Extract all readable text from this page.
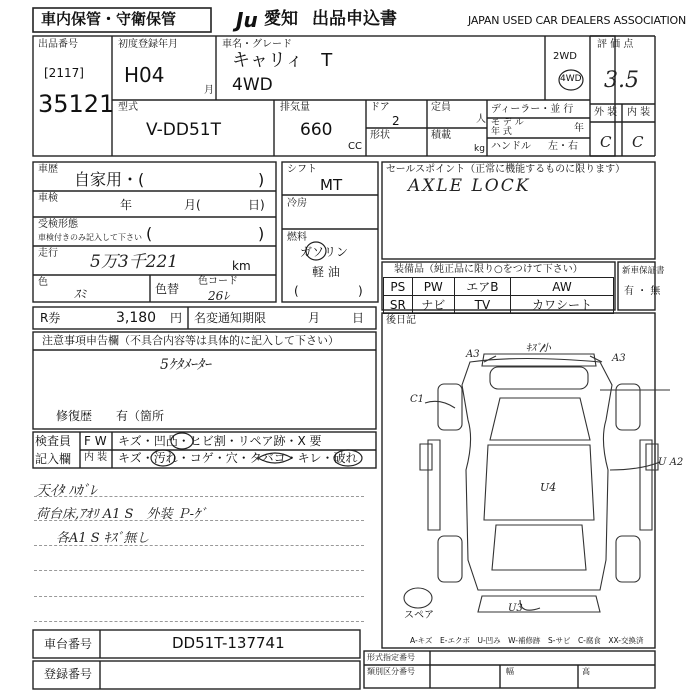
車内保管・守衛保管	Ju 愛知 出品申込書	JAPAN USED CAR DEALERS ASSOCIATION
出品番号
[2117]
35121
初度登録年月
H04
月
車名・グレード
キャリィ　T
4WD
2WD
4WD
評 価 点
3.5
外 装 内 装
C C
型式
V-DD51T
排気量
660
CC
ドア
2
形状
定員
人
積載
kg
ディーラー・並 行
モ デ ル
年 式	年
ハンドル 左・右
車歴
自家用・(	)
車検	年	月(	日)
受検形態
車検付きのみ記入して下さい (	)
走行 5万3千221	km
色
ｽﾐ	色替
色コード
26ﾚ
シフト
MT
冷房
燃料
ガソリン
軽 油
(	)
セールスポイント（正常に機能するものに限ります）
AXLE LOCK
装備品（純正品に限り○をつけて下さい）
PS	PW	エアB	AW
SR	ナビ	TV	カワシート
新車保証書
有 ・ 無
R券	3,180 円 名変通知期限	月	日
注意事項申告欄（不具合内容等は具体的に記入して下さい）
5ｹﾀﾒｰﾀｰ
修復歴 有（箇所
検査員
記入欄
F W キズ・凹凸・ヒビ割・リペア跡・X 要
内 装 キズ・汚れ・コゲ・穴・タバコ・キレ・破れ
天ｲﾀ ﾊｶﾞﾚ
荷台床,ｱｵﾘ A1 S　外装 Ｐ-ｹﾞ
各A1 S ｷｽﾞ無し
後日記
A3
ｷｽﾞ小
A3
C1
U4
U A2
U3
スペア
A-キズ　E-エクボ　U-凹み　W-補修跡　S-サビ　C-腐食　XX-交換済
車台番号	DD51T-137741
登録番号
形式指定番号
類別区分番号	幅	高
